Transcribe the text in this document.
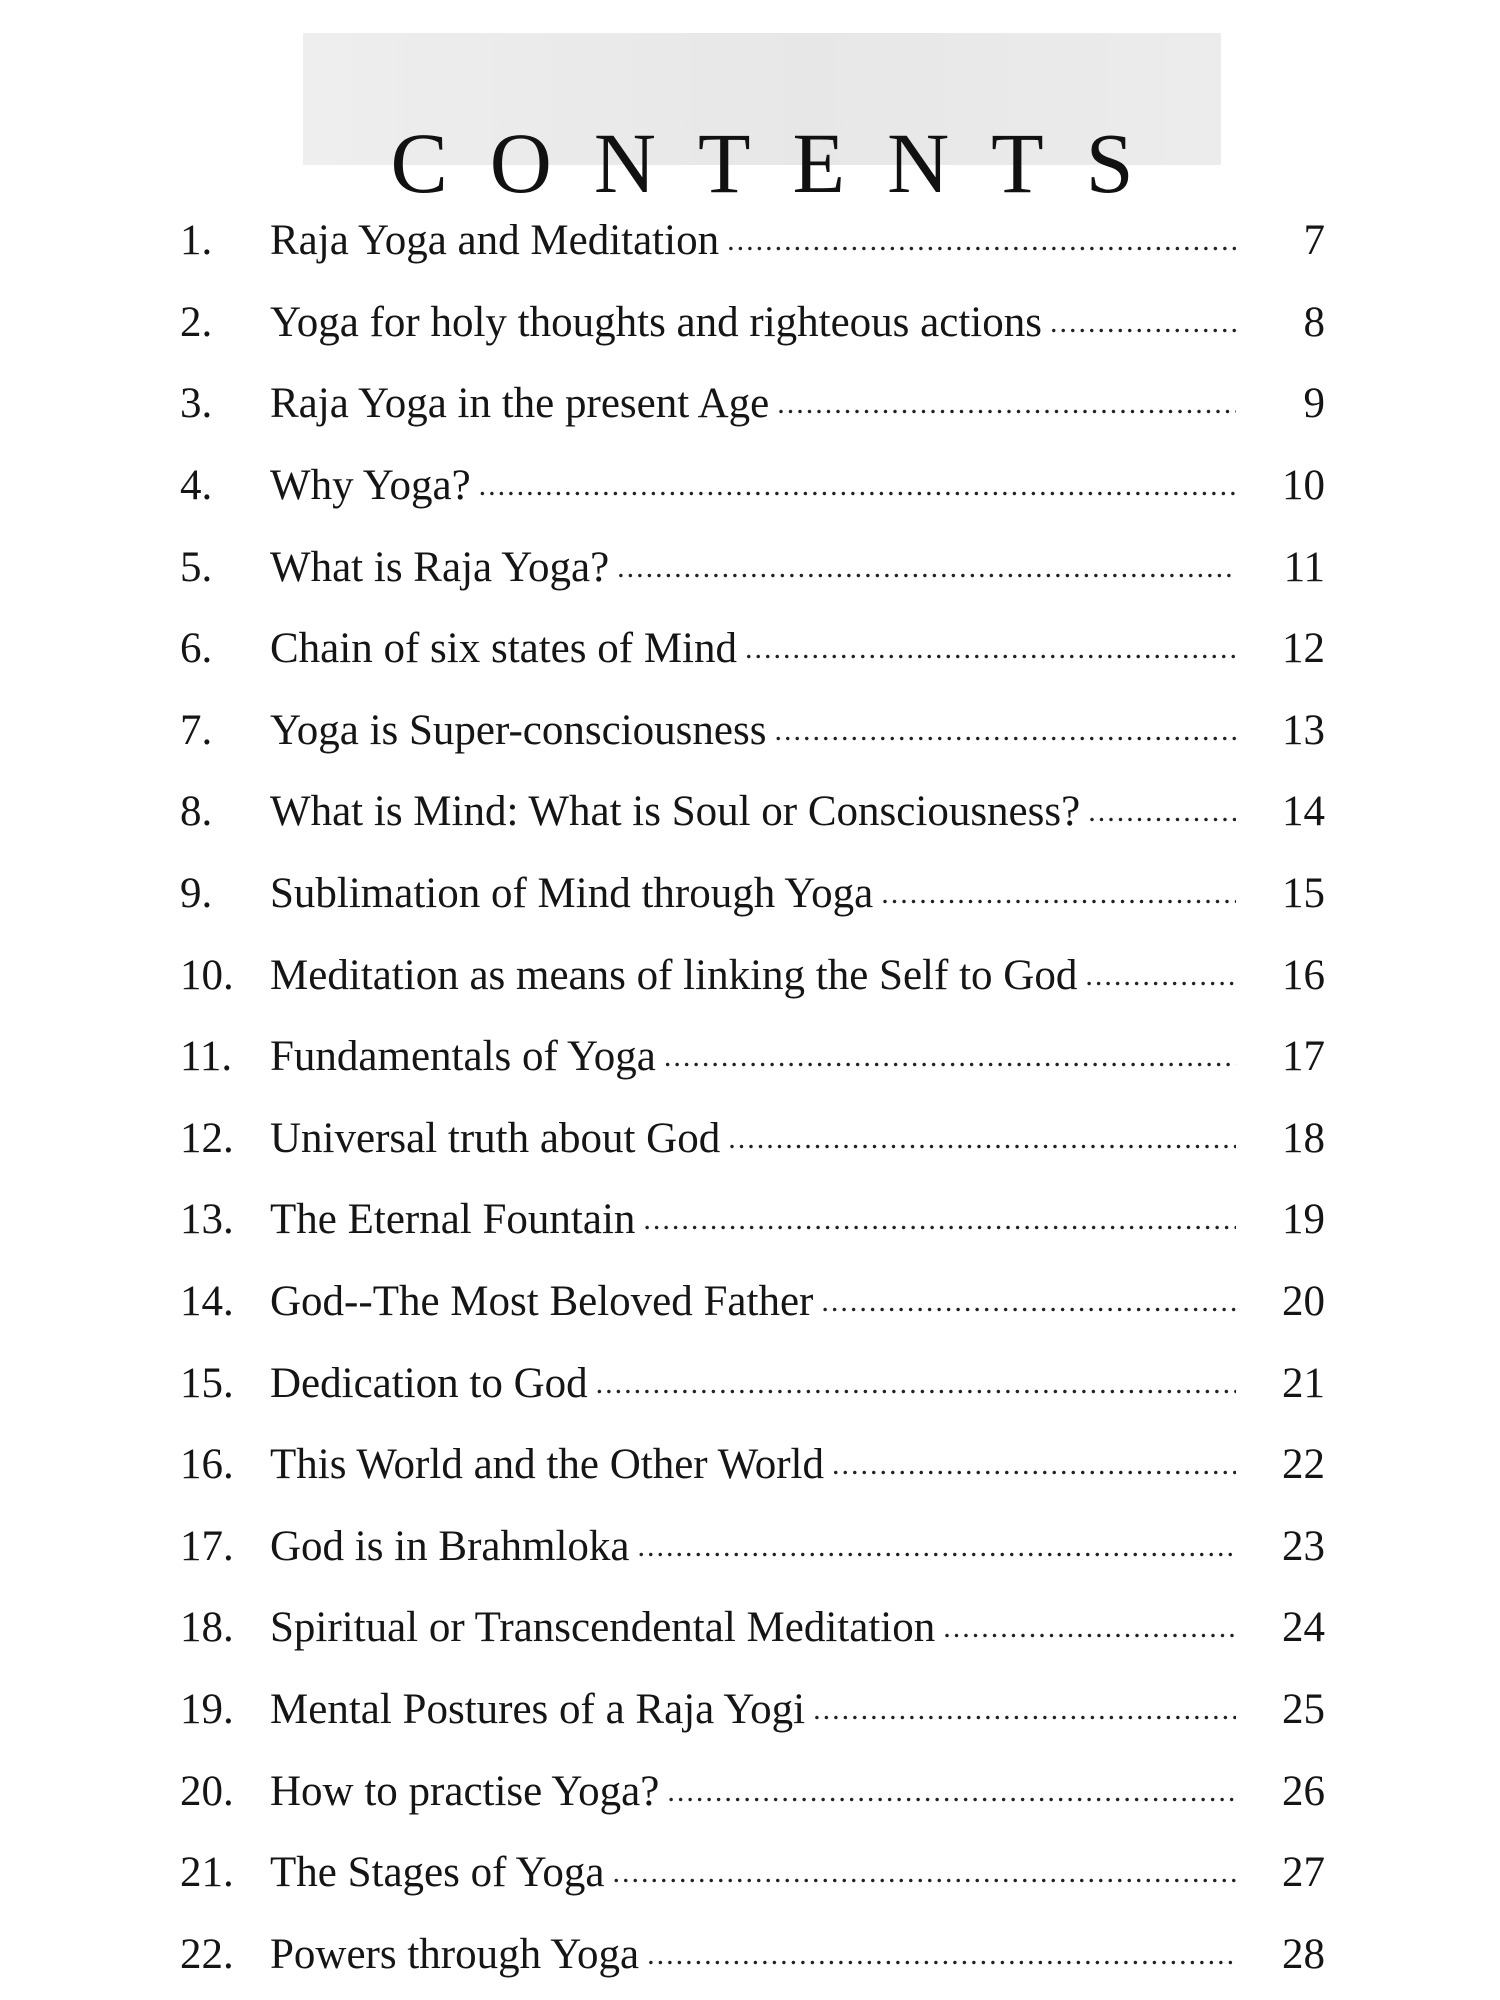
CONTENTS
1.	Raja Yoga and Meditation .....	7
2.	Yoga for holy thoughts and righteous actions .....	8
3.	Raja Yoga in the present Age .....	9
4.	Why Yoga? .....	10
5.	What is Raja Yoga? .....	11
6.	Chain of six states of Mind .....	12
7.	Yoga is Super-consciousness .....	13
8.	What is Mind: What is Soul or Consciousness? .....	14
9.	Sublimation of Mind through Yoga .....	15
10. Meditation as means of linking the Self to God .....	16
11. Fundamentals of Yoga .....	17
12. Universal truth about God .....	18
13. The Eternal Fountain .....	19
14. God--The Most Beloved Father .....	20
15. Dedication to God .....	21
16. This World and the Other World .....	22
17. God is in Brahmloka .....	23
18. Spiritual or Transcendental Meditation .....	24
19. Mental Postures of a Raja Yogi .....	25
20. How to practise Yoga? .....	26
21. The Stages of Yoga .....	27
22. Powers through Yoga .....	28
